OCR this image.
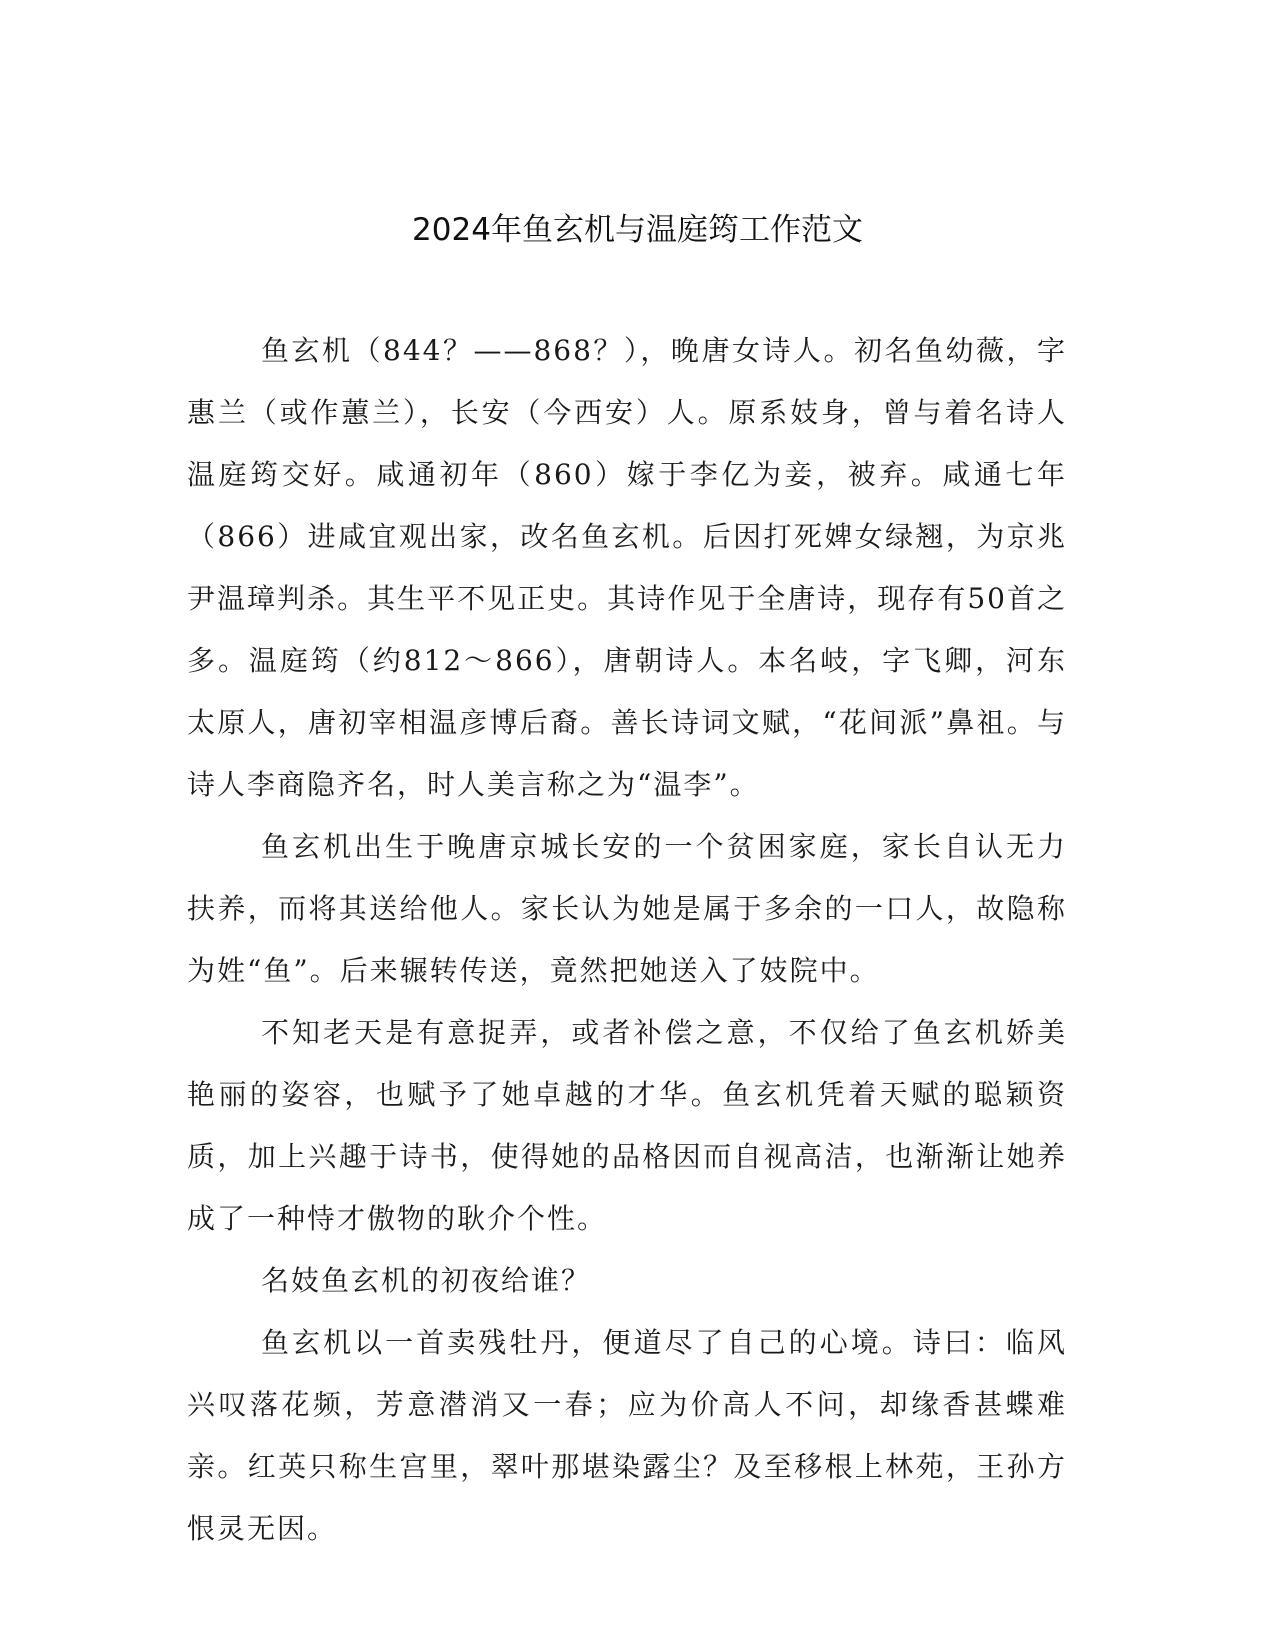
2024年鱼玄机与温庭筠工作范文

鱼玄机（844？——868？），晚唐女诗人。初名鱼幼薇，字惠兰（或作蕙兰），长安（今西安）人。原系妓身，曾与着名诗人温庭筠交好。咸通初年（860）嫁于李亿为妾，被弃。咸通七年（866）进咸宜观出家，改名鱼玄机。后因打死婢女绿翘，为京兆尹温璋判杀。其生平不见正史。其诗作见于全唐诗，现存有50首之多。温庭筠（约812～866），唐朝诗人。本名岐，字飞卿，河东太原人，唐初宰相温彦博后裔。善长诗词文赋，“花间派”鼻祖。与诗人李商隐齐名，时人美言称之为“温李”。

鱼玄机出生于晚唐京城长安的一个贫困家庭，家长自认无力扶养，而将其送给他人。家长认为她是属于多余的一口人，故隐称为姓“鱼”。后来辗转传送，竟然把她送入了妓院中。

不知老天是有意捉弄，或者补偿之意，不仅给了鱼玄机娇美艳丽的姿容，也赋予了她卓越的才华。鱼玄机凭着天赋的聪颖资质，加上兴趣于诗书，使得她的品格因而自视高洁，也渐渐让她养成了一种恃才傲物的耿介个性。

名妓鱼玄机的初夜给谁？

鱼玄机以一首卖残牡丹，便道尽了自己的心境。诗曰：临风兴叹落花频，芳意潜消又一春；应为价高人不问，却缘香甚蝶难亲。红英只称生宫里，翠叶那堪染露尘？及至移根上林苑，王孙方恨灵无因。
